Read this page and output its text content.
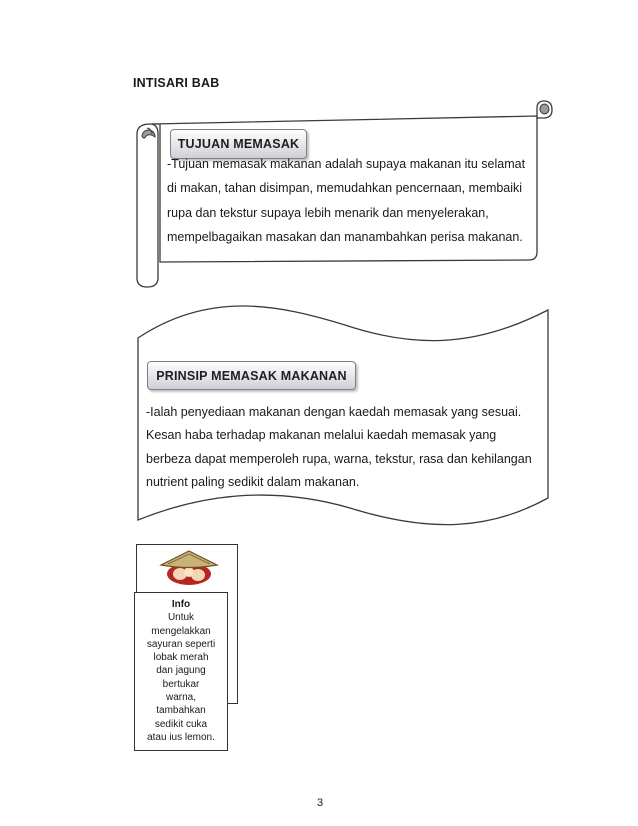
INTISARI BAB
TUJUAN MEMASAK
-Tujuan memasak makanan adalah supaya makanan itu selamat
di makan, tahan disimpan, memudahkan pencernaan, membaiki
rupa dan tekstur supaya lebih menarik dan menyelerakan,
mempelbagaikan masakan dan manambahkan perisa makanan.
PRINSIP MEMASAK MAKANAN
-Ialah penyediaan makanan dengan kaedah memasak yang sesuai.
Kesan haba terhadap makanan melalui kaedah memasak yang
berbeza dapat memperoleh rupa, warna, tekstur, rasa dan kehilangan
nutrient paling sedikit dalam makanan.
Info
Untuk
mengelakkan
sayuran seperti
lobak merah
dan jagung
bertukar
warna,
tambahkan
sedikit cuka
atau ius lemon.
3
